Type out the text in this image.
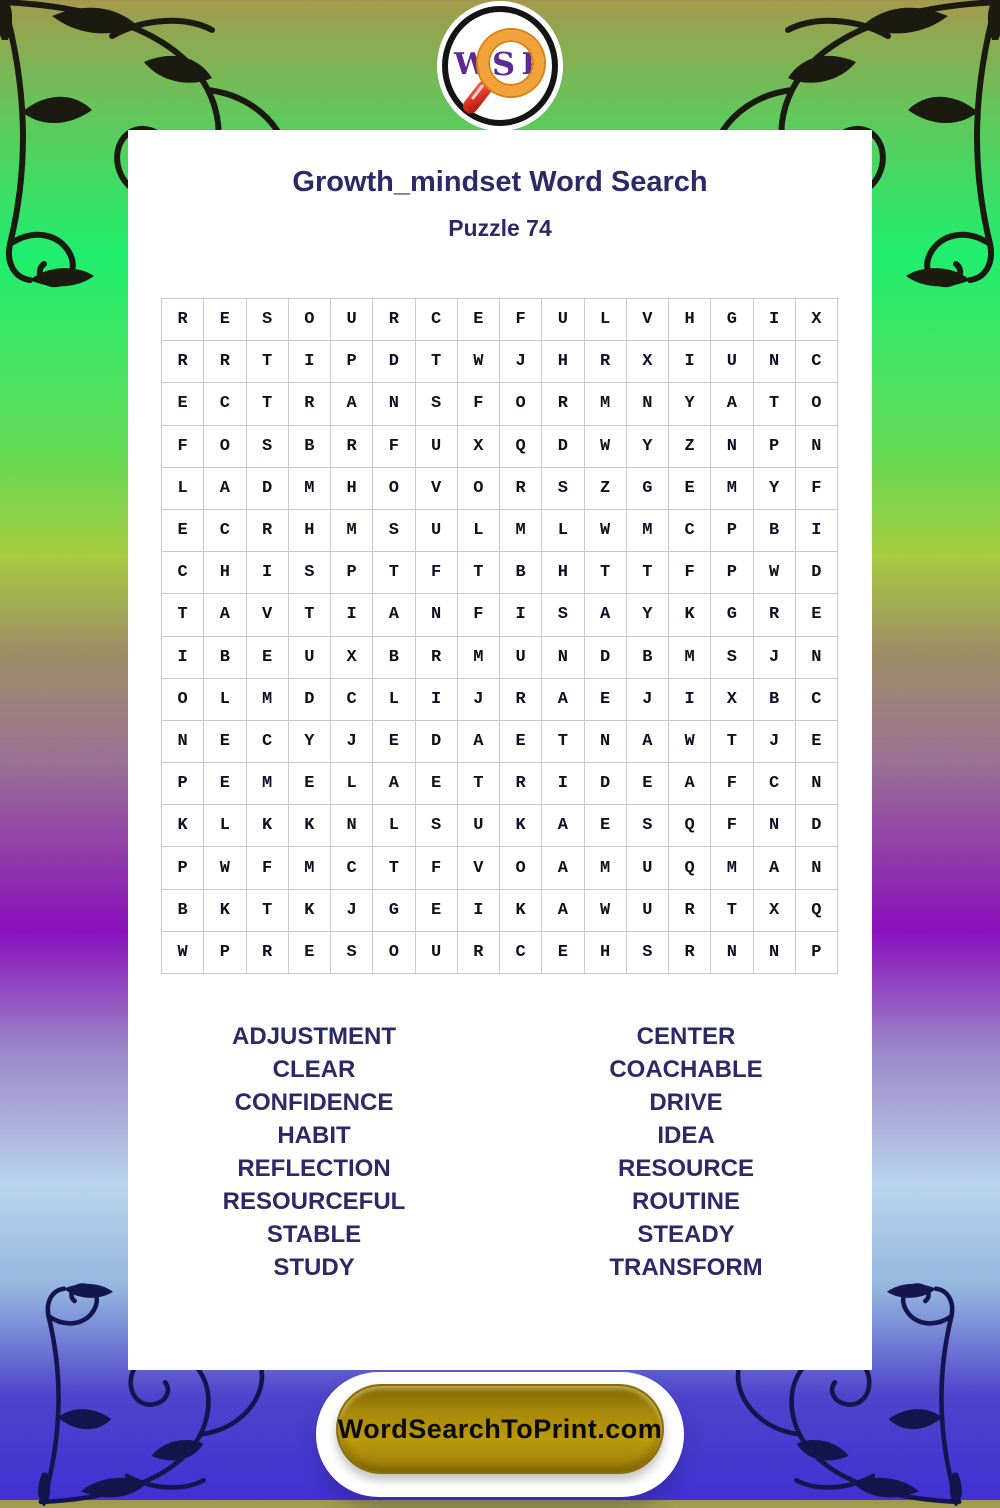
W S P
Growth_mindset Word Search
Puzzle 74
R	E	S	O	U	R	C	E	F	U	L	V	H	G	I	X
R	R	T	I	P	D	T	W	J	H	R	X	I	U	N	C
E	C	T	R	A	N	S	F	O	R	M	N	Y	A	T	O
F	O	S	B	R	F	U	X	Q	D	W	Y	Z	N	P	N
L	A	D	M	H	O	V	O	R	S	Z	G	E	M	Y	F
E	C	R	H	M	S	U	L	M	L	W	M	C	P	B	I
C	H	I	S	P	T	F	T	B	H	T	T	F	P	W	D
T	A	V	T	I	A	N	F	I	S	A	Y	K	G	R	E
I	B	E	U	X	B	R	M	U	N	D	B	M	S	J	N
O	L	M	D	C	L	I	J	R	A	E	J	I	X	B	C
N	E	C	Y	J	E	D	A	E	T	N	A	W	T	J	E
P	E	M	E	L	A	E	T	R	I	D	E	A	F	C	N
K	L	K	K	N	L	S	U	K	A	E	S	Q	F	N	D
P	W	F	M	C	T	F	V	O	A	M	U	Q	M	A	N
B	K	T	K	J	G	E	I	K	A	W	U	R	T	X	Q
W	P	R	E	S	O	U	R	C	E	H	S	R	N	N	P
ADJUSTMENT
CLEAR
CONFIDENCE
HABIT
REFLECTION
RESOURCEFUL
STABLE
STUDY
CENTER
COACHABLE
DRIVE
IDEA
RESOURCE
ROUTINE
STEADY
TRANSFORM
WordSearchToPrint.com
